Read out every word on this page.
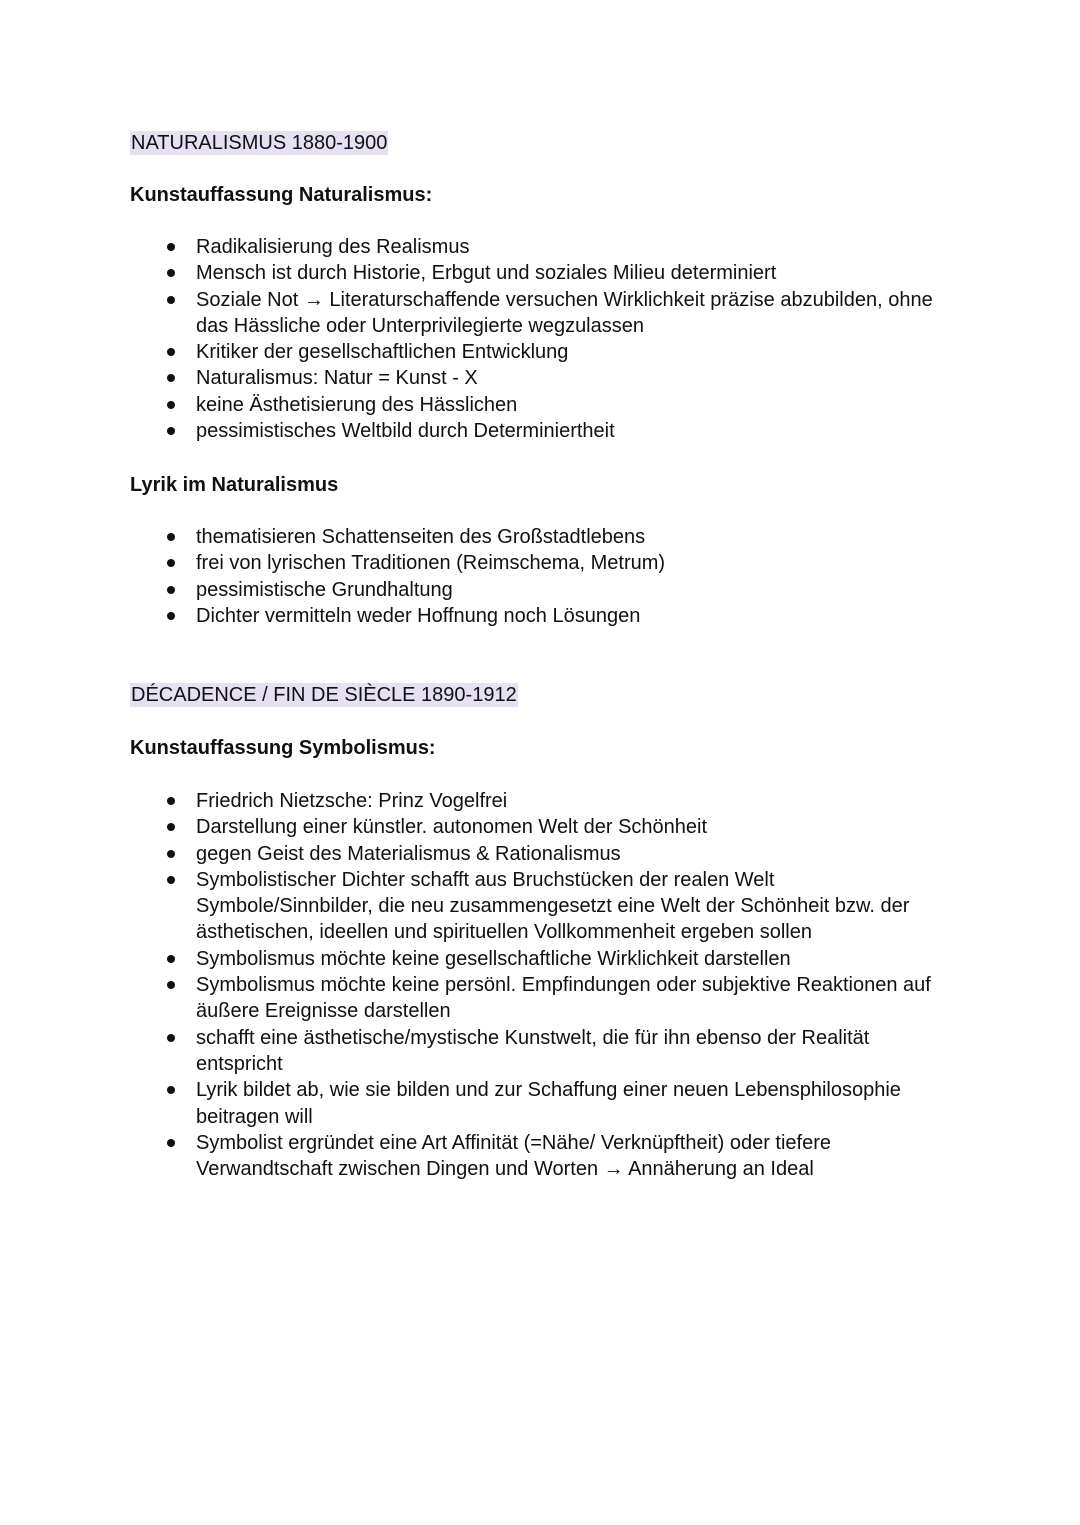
NATURALISMUS 1880-1900
Kunstauffassung Naturalismus:
Radikalisierung des Realismus
Mensch ist durch Historie, Erbgut und soziales Milieu determiniert
Soziale Not → Literaturschaffende versuchen Wirklichkeit präzise abzubilden, ohne das Hässliche oder Unterprivilegierte wegzulassen
Kritiker der gesellschaftlichen Entwicklung
Naturalismus: Natur = Kunst - X
keine Ästhetisierung des Hässlichen
pessimistisches Weltbild durch Determiniertheit
Lyrik im Naturalismus
thematisieren Schattenseiten des Großstadtlebens
frei von lyrischen Traditionen (Reimschema, Metrum)
pessimistische Grundhaltung
Dichter vermitteln weder Hoffnung noch Lösungen
DÉCADENCE / FIN DE SIÈCLE 1890-1912
Kunstauffassung Symbolismus:
Friedrich Nietzsche: Prinz Vogelfrei
Darstellung einer künstler. autonomen Welt der Schönheit
gegen Geist des Materialismus & Rationalismus
Symbolistischer Dichter schafft aus Bruchstücken der realen Welt Symbole/Sinnbilder, die neu zusammengesetzt eine Welt der Schönheit bzw. der ästhetischen, ideellen und spirituellen Vollkommenheit ergeben sollen
Symbolismus möchte keine gesellschaftliche Wirklichkeit darstellen
Symbolismus möchte keine persönl. Empfindungen oder subjektive Reaktionen auf äußere Ereignisse darstellen
schafft eine ästhetische/mystische Kunstwelt, die für ihn ebenso der Realität entspricht
Lyrik bildet ab, wie sie bilden und zur Schaffung einer neuen Lebensphilosophie beitragen will
Symbolist ergründet eine Art Affinität (=Nähe/ Verknüpftheit) oder tiefere Verwandtschaft zwischen Dingen und Worten → Annäherung an Ideal
